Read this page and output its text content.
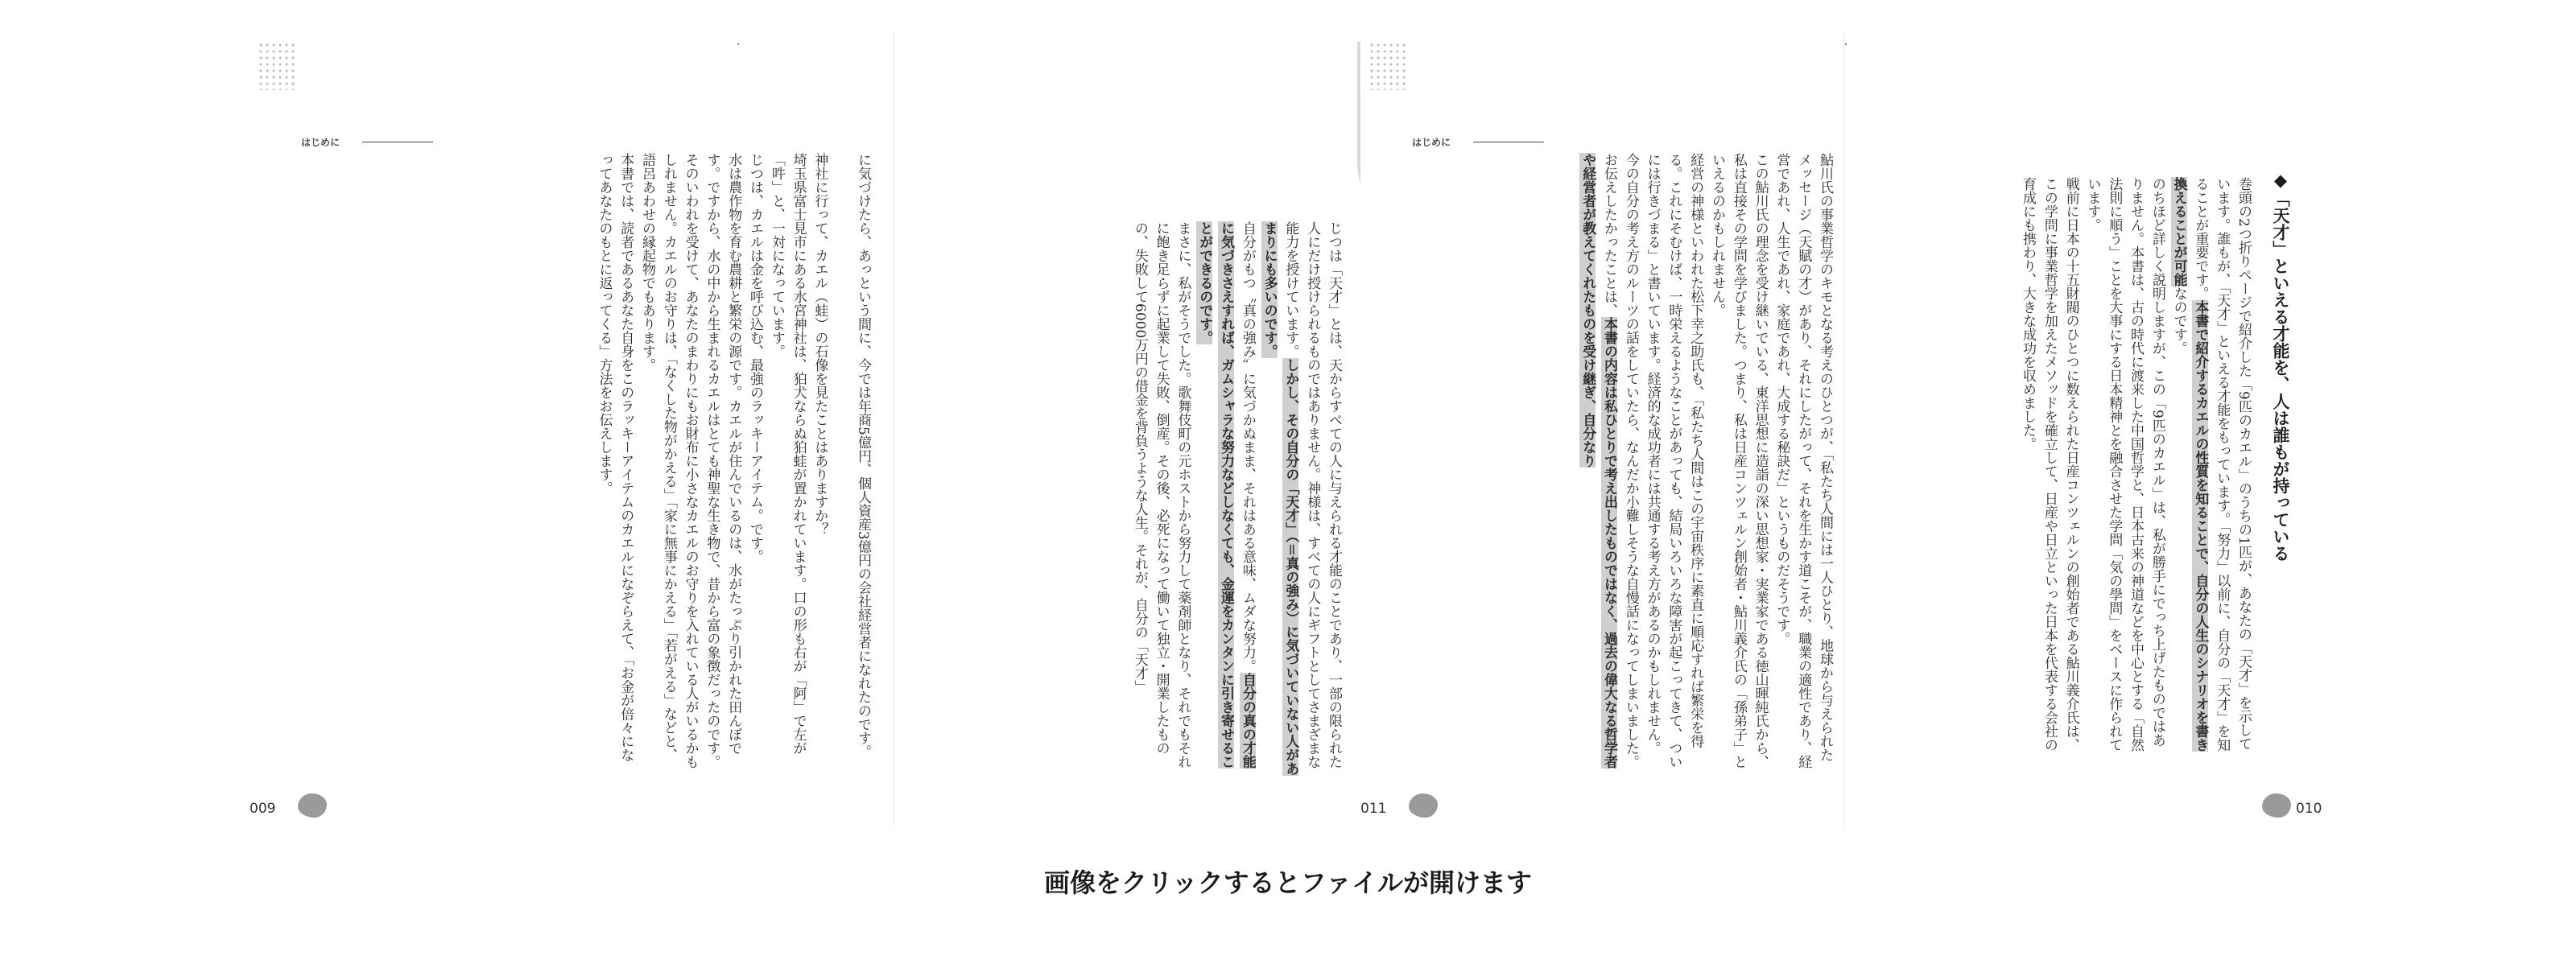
はじめに
に気づけたら、あっという間に、今では年商5億円、個人資産3億円の会社経営者になれたのです。

神社に行って、カエル（蛙）の石像を見たことはありますか？
埼玉県富士見市にある水宮神社は、狛犬ならぬ狛蛙が置かれています。口の形も右が「阿」で左が「吽」と、一対になっています。
じつは、カエルは金を呼び込む、最強のラッキーアイテム。です。
水は農作物を育む農耕と繁栄の源です。カエルが住んでいるのは、水がたっぷり引かれた田んぼです。ですから、水の中から生まれるカエルはとても神聖な生き物で、昔から富の象徴だったのです。
そのいわれを受けて、あなたのまわりにもお財布に小さなカエルのお守りを入れている人がいるかもしれません。カエルのお守りは、「なくした物がかえる」「家に無事にかえる」「若がえる」などと、語呂あわせの縁起物でもあります。
本書では、読者であるあなた自身をこのラッキーアイテムのカエルになぞらえて、「お金が倍々になってあなたのもとに返ってくる」方法をお伝えします。
009
じつは「天才」とは、天からすべての人に与えられる才能のことであり、一部の限られた人にだけ授けられるものではありません。神様は、すべての人にギフトとしてさまざまな能力を授けています。しかし、その自分の「天才」（＝真の強み）に気づいていない人があまりにも多いのです。
自分がもつ〝真の強み〟に気づかぬまま、それはある意味、ムダな努力。自分の真の才能に気づきさえすれば、ガムシャラな努力などしなくても、金運をカンタンに引き寄せることができるのです。
まさに、私がそうでした。歌舞伎町の元ホストから努力して薬剤師となり、それでもそれに飽き足らずに起業して失敗、倒産。その後、必死になって働いて独立・開業したものの、失敗して6000万円の借金を背負うような人生。それが、自分の「天才」
はじめに
鮎川氏の事業哲学のキモとなる考えのひとつが、「私たち人間には一人ひとり、地球から与えられたメッセージ（天賦の才）があり、それにしたがって、それを生かす道こそが、職業の適性であり、経営であれ、人生であれ、家庭であれ、大成する秘訣だ」というものだそうです。
この鮎川氏の理念を受け継いでいる、東洋思想に造詣の深い思想家・実業家である徳山暉純氏から、私は直接その学問を学びました。つまり、私は日産コンツェルン創始者・鮎川義介氏の「孫弟子」といえるのかもしれません。
経営の神様といわれた松下幸之助氏も、「私たち人間はこの宇宙秩序に素直に順応すれば繁栄を得る。これにそむけば、一時栄えるようなことがあっても、結局いろいろな障害が起こってきて、ついには行きづまる」と書いています。経済的な成功者には共通する考え方があるのかもしれません。
今の自分の考え方のルーツの話をしていたら、なんだか小難しそうな自慢話になってしまいました。お伝えしたかったことは、本書の内容は私ひとりで考え出したものではなく、過去の偉大なる哲学者や経営者が教えてくれたものを受け継ぎ、自分なり
011
◆「天才」といえる才能を、人は誰もが持っている
巻頭の2つ折りページで紹介した「9匹のカエル」のうちの1匹が、あなたの「天才」を示しています。誰もが、「天才」といえる才能をもっています。「努力」以前に、自分の「天才」を知ることが重要です。本書で紹介するカエルの性質を知ることで、自分の人生のシナリオを書き換えることが可能なのです。
のちほど詳しく説明しますが、この「9匹のカエル」は、私が勝手にでっち上げたものではありません。本書は、古の時代に渡来した中国哲学と、日本古来の神道などを中心とする「自然法則に順う」ことを大事にする日本精神とを融合させた学問「気の學問」をベースに作られています。
戦前に日本の十五財閥のひとつに数えられた日産コンツェルンの創始者である鮎川義介氏は、この学問に事業哲学を加えたメソッドを確立して、日産や日立といった日本を代表する会社の育成にも携わり、大きな成功を収めました。
010
画像をクリックするとファイルが開けます
